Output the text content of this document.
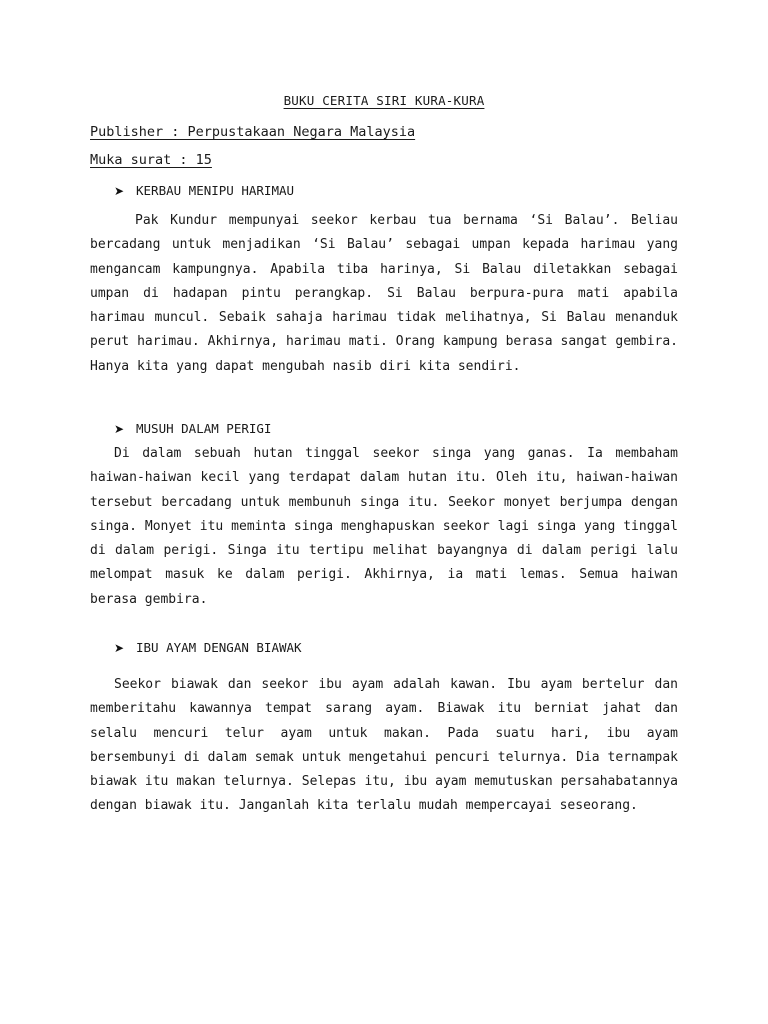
BUKU CERITA SIRI KURA-KURA
Publisher : Perpustakaan Negara Malaysia
Muka surat : 15
➤ KERBAU MENIPU HARIMAU

Pak Kundur mempunyai seekor kerbau tua bernama ‘Si Balau’. Beliau bercadang untuk menjadikan ‘Si Balau’ sebagai umpan kepada harimau yang mengancam kampungnya. Apabila tiba harinya, Si Balau diletakkan sebagai umpan di hadapan pintu perangkap. Si Balau berpura-pura mati apabila harimau muncul. Sebaik sahaja harimau tidak melihatnya, Si Balau menanduk perut harimau. Akhirnya, harimau mati. Orang kampung berasa sangat gembira. Hanya kita yang dapat mengubah nasib diri kita sendiri.

➤ MUSUH DALAM PERIGI

Di dalam sebuah hutan tinggal seekor singa yang ganas. Ia membaham haiwan-haiwan kecil yang terdapat dalam hutan itu. Oleh itu, haiwan-haiwan tersebut bercadang untuk membunuh singa itu. Seekor monyet berjumpa dengan singa. Monyet itu meminta singa menghapuskan seekor lagi singa yang tinggal di dalam perigi. Singa itu tertipu melihat bayangnya di dalam perigi lalu melompat masuk ke dalam perigi. Akhirnya, ia mati lemas. Semua haiwan berasa gembira.

➤ IBU AYAM DENGAN BIAWAK

Seekor biawak dan seekor ibu ayam adalah kawan. Ibu ayam bertelur dan memberitahu kawannya tempat sarang ayam. Biawak itu berniat jahat dan selalu mencuri telur ayam untuk makan. Pada suatu hari, ibu ayam bersembunyi di dalam semak untuk mengetahui pencuri telurnya. Dia ternampak biawak itu makan telurnya. Selepas itu, ibu ayam memutuskan persahabatannya dengan biawak itu. Janganlah kita terlalu mudah mempercayai seseorang.
